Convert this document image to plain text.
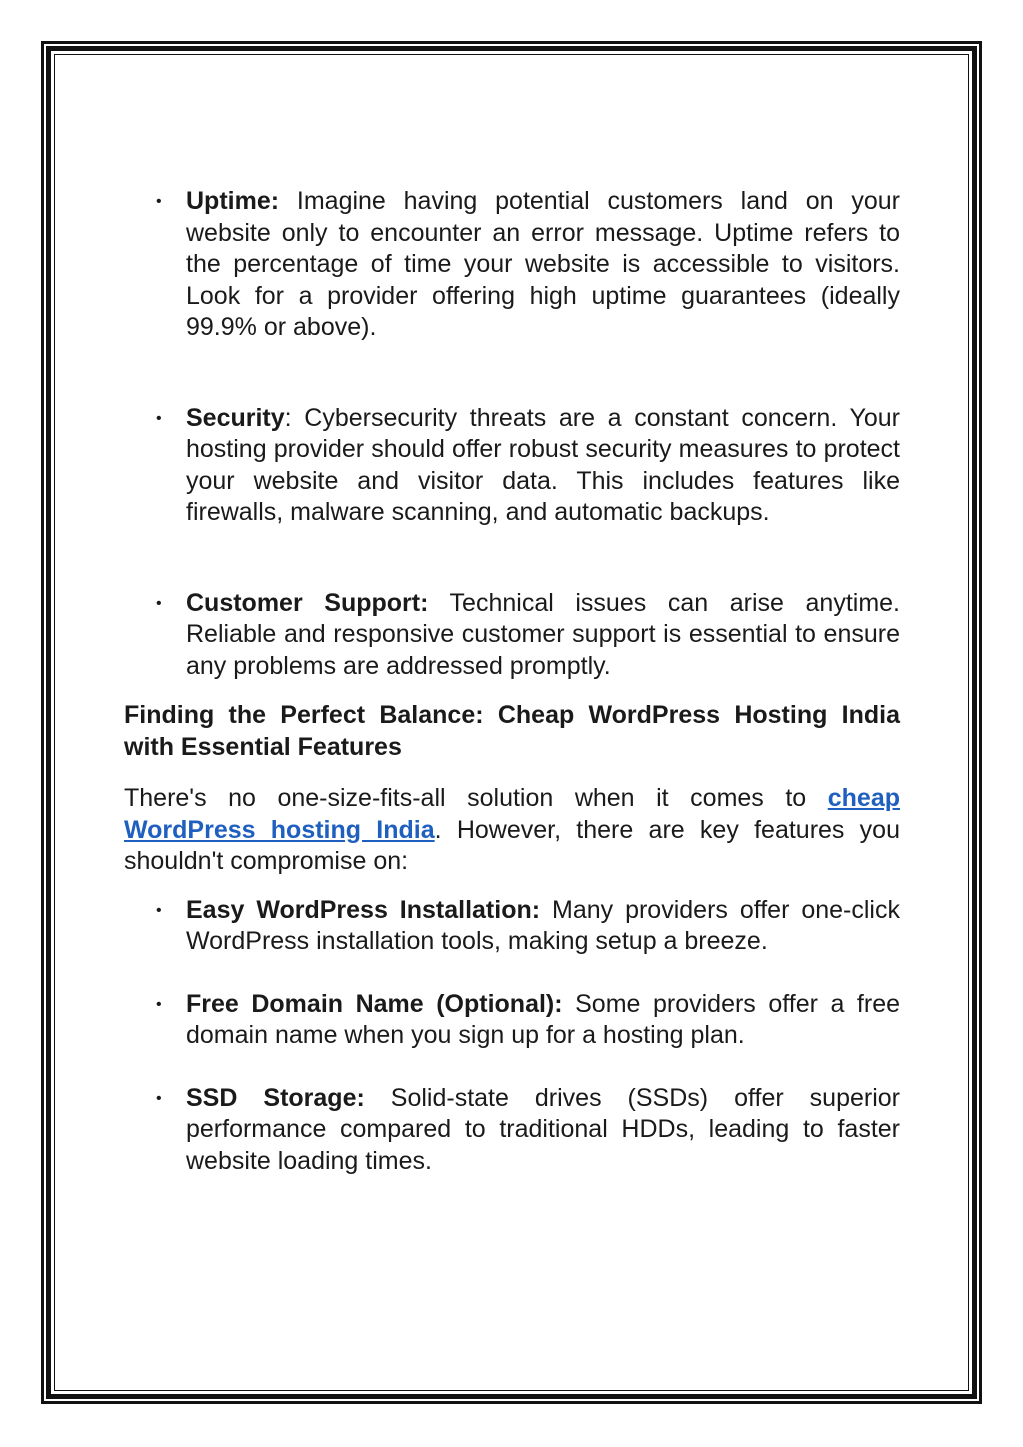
• Uptime: Imagine having potential customers land on your website only to encounter an error message. Uptime refers to the percentage of time your website is accessible to visitors. Look for a provider offering high uptime guarantees (ideally 99.9% or above).
• Security: Cybersecurity threats are a constant concern. Your hosting provider should offer robust security measures to protect your website and visitor data. This includes features like firewalls, malware scanning, and automatic backups.
• Customer Support: Technical issues can arise anytime. Reliable and responsive customer support is essential to ensure any problems are addressed promptly.
Finding the Perfect Balance: Cheap WordPress Hosting India with Essential Features

There's no one-size-fits-all solution when it comes to cheap WordPress hosting India. However, there are key features you shouldn't compromise on:

• Easy WordPress Installation: Many providers offer one-click WordPress installation tools, making setup a breeze.
• Free Domain Name (Optional): Some providers offer a free domain name when you sign up for a hosting plan.
• SSD Storage: Solid-state drives (SSDs) offer superior performance compared to traditional HDDs, leading to faster website loading times.
